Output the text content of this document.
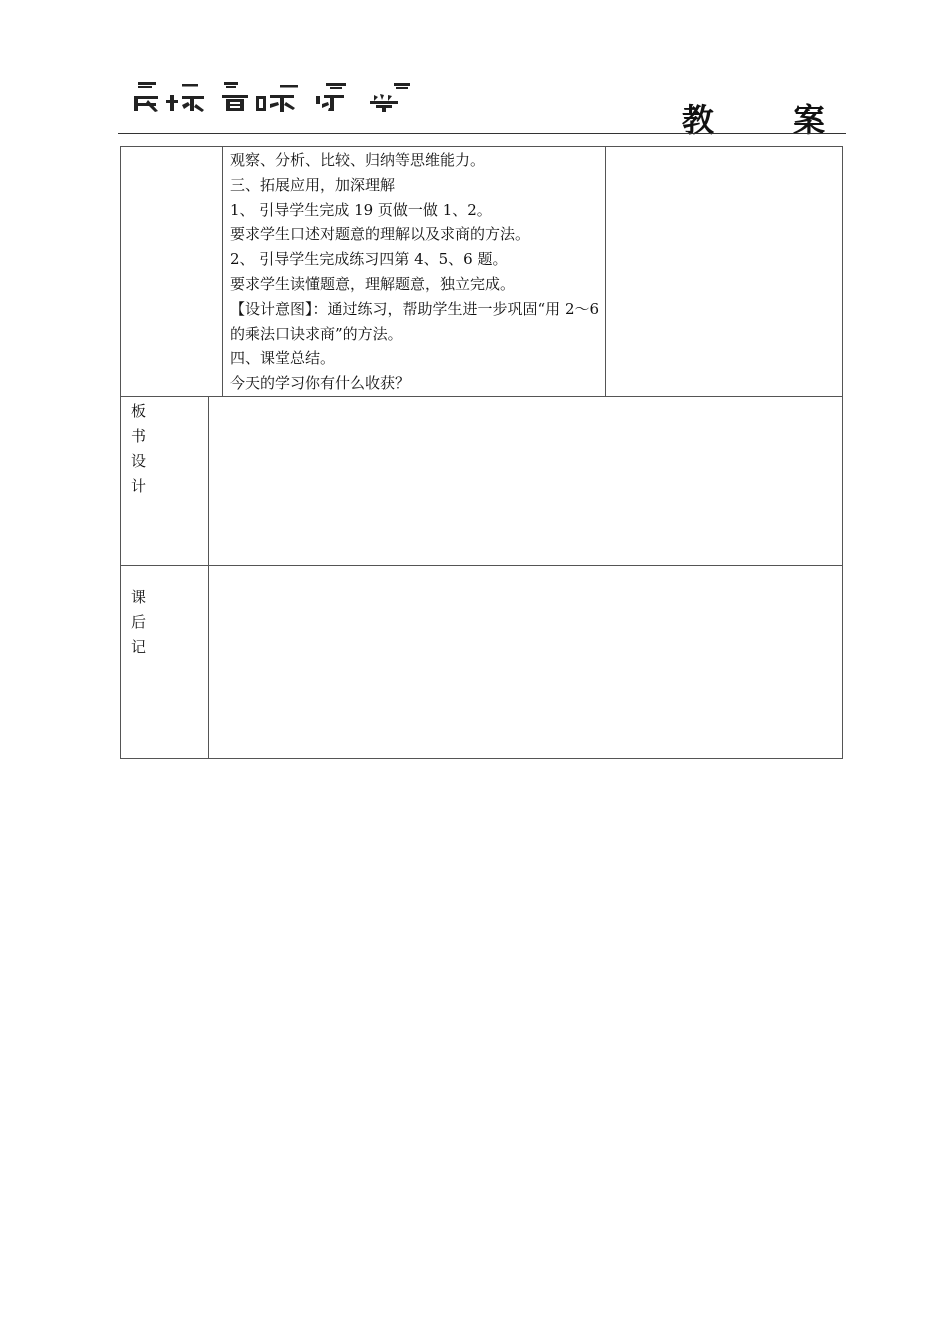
教 案
观察、分析、比较、归纳等思维能力。
三、拓展应用，加深理解
1、 引导学生完成 19 页做一做 1、2。
要求学生口述对题意的理解以及求商的方法。
2、 引导学生完成练习四第 4、5、6 题。
要求学生读懂题意，理解题意，独立完成。
【设计意图】：通过练习，帮助学生进一步巩固“用 2～6 的乘法口诀求商”的方法。
四、课堂总结。
今天的学习你有什么收获？
板
书
设
计
课
后
记
